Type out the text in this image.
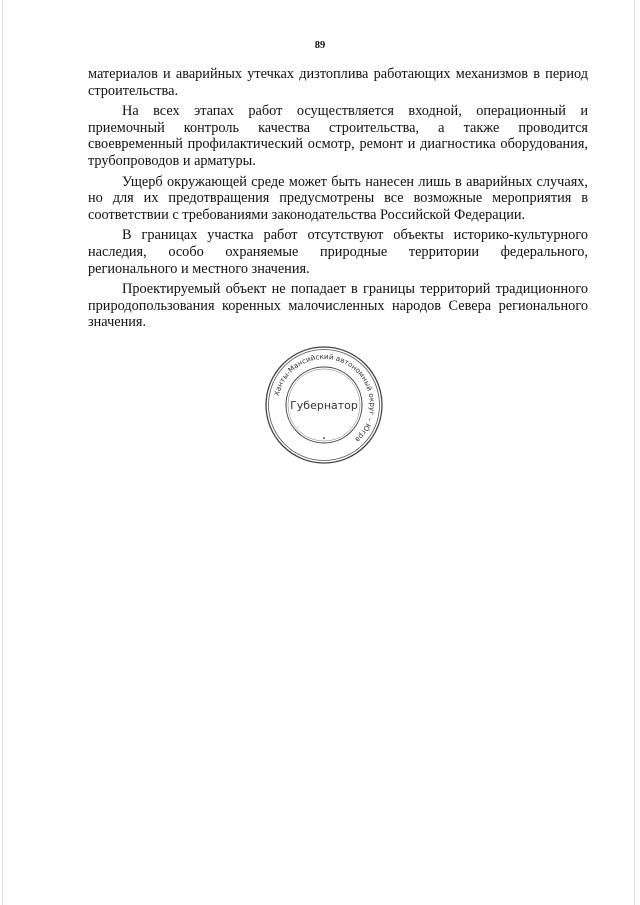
89

материалов и аварийных утечках дизтоплива работающих механизмов в период строительства.

На всех этапах работ осуществляется входной, операционный и приемочный контроль качества строительства, а также проводится своевременный профилактический осмотр, ремонт и диагностика оборудования, трубопроводов и арматуры.

Ущерб окружающей среде может быть нанесен лишь в аварийных случаях, но для их предотвращения предусмотрены все возможные мероприятия в соответствии с требованиями законодательства Российской Федерации.

В границах участка работ отсутствуют объекты историко-культурного наследия, особо охраняемые природные территории федерального, регионального и местного значения.

Проектируемый объект не попадает в границы территорий традиционного природопользования коренных малочисленных народов Севера регионального значения.

Ханты-Мансийский автономный округ – Югра
Губернатор
